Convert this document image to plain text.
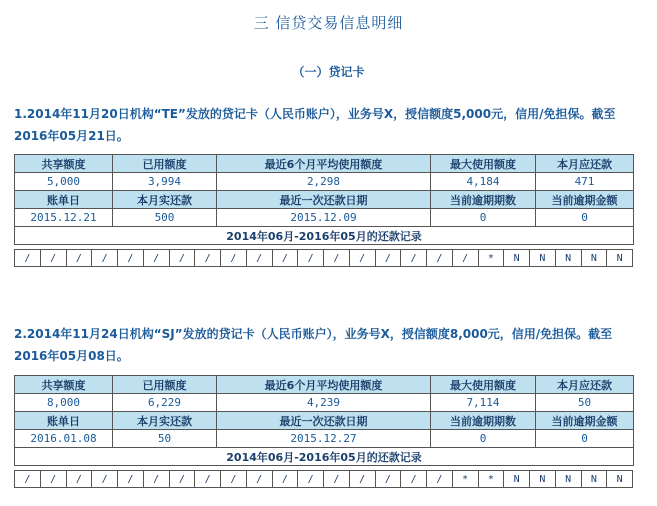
三 信贷交易信息明细
（一）贷记卡
1.2014年11月20日机构“TE”发放的贷记卡（人民币账户），业务号X，授信额度5,000元，信用/免担保。截至2016年05月21日。
共享额度	已用额度	最近6个月平均使用额度	最大使用额度	本月应还款
5,000	3,994	2,298	4,184	471
账单日	本月实还款	最近一次还款日期	当前逾期期数	当前逾期金额
2015.12.21	500	2015.12.09	0	0
2014年06月-2016年05月的还款记录				
/	/	/	/	/	/	/	/	/	/	/	/	/	/	/	/	/	/	*	N	N	N	N	N
2.2014年11月24日机构“SJ”发放的贷记卡（人民币账户），业务号X，授信额度8,000元，信用/免担保。截至2016年05月08日。
共享额度	已用额度	最近6个月平均使用额度	最大使用额度	本月应还款
8,000	6,229	4,239	7,114	50
账单日	本月实还款	最近一次还款日期	当前逾期期数	当前逾期金额
2016.01.08	50	2015.12.27	0	0
2014年06月-2016年05月的还款记录				
/	/	/	/	/	/	/	/	/	/	/	/	/	/	/	/	/	*	*	N	N	N	N	N
